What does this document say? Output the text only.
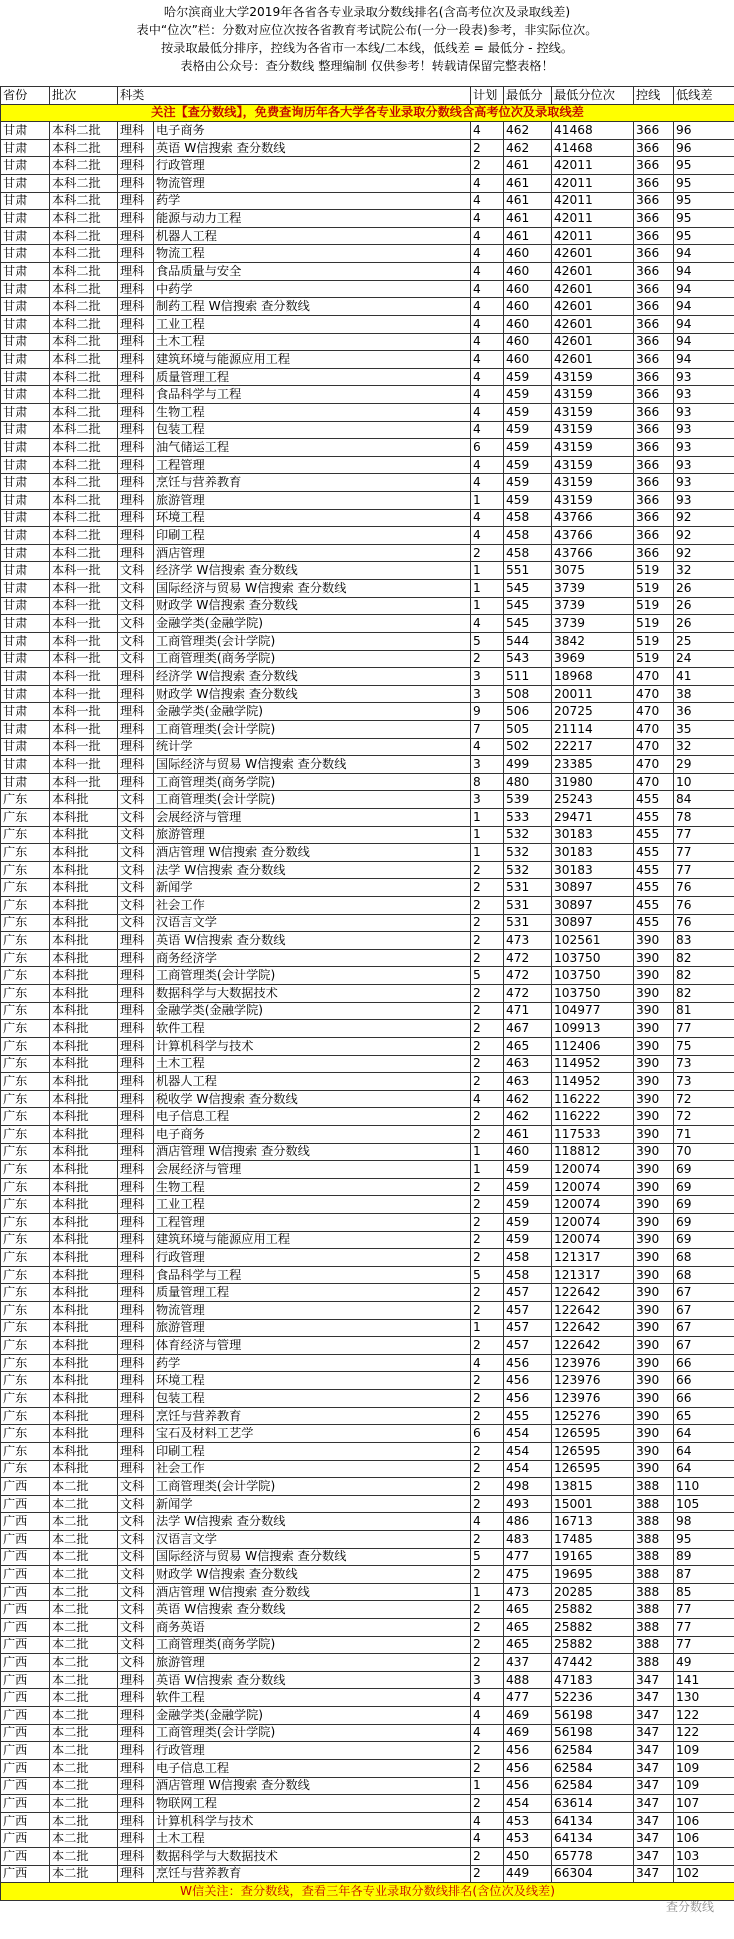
哈尔滨商业大学2019年各省各专业录取分数线排名(含高考位次及录取线差)
表中“位次”栏：分数对应位次按各省教育考试院公布(一分一段表)参考，非实际位次。
按录取最低分排序，控线为各省市一本线/二本线，低线差 = 最低分 - 控线。
表格由公众号：查分数线 整理编制 仅供参考！转载请保留完整表格！
省份	批次	科类		计划	最低分	最低分位次	控线	低线差
关注【查分数线】，免费查询历年各大学各专业录取分数线含高考位次及录取线差								
甘肃	本科二批	理科	电子商务	4	462	41468	366	96
甘肃	本科二批	理科	英语 W信搜索 查分数线	2	462	41468	366	96
甘肃	本科二批	理科	行政管理	2	461	42011	366	95
甘肃	本科二批	理科	物流管理	4	461	42011	366	95
甘肃	本科二批	理科	药学	4	461	42011	366	95
甘肃	本科二批	理科	能源与动力工程	4	461	42011	366	95
甘肃	本科二批	理科	机器人工程	4	461	42011	366	95
甘肃	本科二批	理科	物流工程	4	460	42601	366	94
甘肃	本科二批	理科	食品质量与安全	4	460	42601	366	94
甘肃	本科二批	理科	中药学	4	460	42601	366	94
甘肃	本科二批	理科	制药工程 W信搜索 查分数线	4	460	42601	366	94
甘肃	本科二批	理科	工业工程	4	460	42601	366	94
甘肃	本科二批	理科	土木工程	4	460	42601	366	94
甘肃	本科二批	理科	建筑环境与能源应用工程	4	460	42601	366	94
甘肃	本科二批	理科	质量管理工程	4	459	43159	366	93
甘肃	本科二批	理科	食品科学与工程	4	459	43159	366	93
甘肃	本科二批	理科	生物工程	4	459	43159	366	93
甘肃	本科二批	理科	包装工程	4	459	43159	366	93
甘肃	本科二批	理科	油气储运工程	6	459	43159	366	93
甘肃	本科二批	理科	工程管理	4	459	43159	366	93
甘肃	本科二批	理科	烹饪与营养教育	4	459	43159	366	93
甘肃	本科二批	理科	旅游管理	1	459	43159	366	93
甘肃	本科二批	理科	环境工程	4	458	43766	366	92
甘肃	本科二批	理科	印刷工程	4	458	43766	366	92
甘肃	本科二批	理科	酒店管理	2	458	43766	366	92
甘肃	本科一批	文科	经济学 W信搜索 查分数线	1	551	3075	519	32
甘肃	本科一批	文科	国际经济与贸易 W信搜索 查分数线	1	545	3739	519	26
甘肃	本科一批	文科	财政学 W信搜索 查分数线	1	545	3739	519	26
甘肃	本科一批	文科	金融学类(金融学院)	4	545	3739	519	26
甘肃	本科一批	文科	工商管理类(会计学院)	5	544	3842	519	25
甘肃	本科一批	文科	工商管理类(商务学院)	2	543	3969	519	24
甘肃	本科一批	理科	经济学 W信搜索 查分数线	3	511	18968	470	41
甘肃	本科一批	理科	财政学 W信搜索 查分数线	3	508	20011	470	38
甘肃	本科一批	理科	金融学类(金融学院)	9	506	20725	470	36
甘肃	本科一批	理科	工商管理类(会计学院)	7	505	21114	470	35
甘肃	本科一批	理科	统计学	4	502	22217	470	32
甘肃	本科一批	理科	国际经济与贸易 W信搜索 查分数线	3	499	23385	470	29
甘肃	本科一批	理科	工商管理类(商务学院)	8	480	31980	470	10
广东	本科批	文科	工商管理类(会计学院)	3	539	25243	455	84
广东	本科批	文科	会展经济与管理	1	533	29471	455	78
广东	本科批	文科	旅游管理	1	532	30183	455	77
广东	本科批	文科	酒店管理 W信搜索 查分数线	1	532	30183	455	77
广东	本科批	文科	法学 W信搜索 查分数线	2	532	30183	455	77
广东	本科批	文科	新闻学	2	531	30897	455	76
广东	本科批	文科	社会工作	2	531	30897	455	76
广东	本科批	文科	汉语言文学	2	531	30897	455	76
广东	本科批	理科	英语 W信搜索 查分数线	2	473	102561	390	83
广东	本科批	理科	商务经济学	2	472	103750	390	82
广东	本科批	理科	工商管理类(会计学院)	5	472	103750	390	82
广东	本科批	理科	数据科学与大数据技术	2	472	103750	390	82
广东	本科批	理科	金融学类(金融学院)	2	471	104977	390	81
广东	本科批	理科	软件工程	2	467	109913	390	77
广东	本科批	理科	计算机科学与技术	2	465	112406	390	75
广东	本科批	理科	土木工程	2	463	114952	390	73
广东	本科批	理科	机器人工程	2	463	114952	390	73
广东	本科批	理科	税收学 W信搜索 查分数线	4	462	116222	390	72
广东	本科批	理科	电子信息工程	2	462	116222	390	72
广东	本科批	理科	电子商务	2	461	117533	390	71
广东	本科批	理科	酒店管理 W信搜索 查分数线	1	460	118812	390	70
广东	本科批	理科	会展经济与管理	1	459	120074	390	69
广东	本科批	理科	生物工程	2	459	120074	390	69
广东	本科批	理科	工业工程	2	459	120074	390	69
广东	本科批	理科	工程管理	2	459	120074	390	69
广东	本科批	理科	建筑环境与能源应用工程	2	459	120074	390	69
广东	本科批	理科	行政管理	2	458	121317	390	68
广东	本科批	理科	食品科学与工程	5	458	121317	390	68
广东	本科批	理科	质量管理工程	2	457	122642	390	67
广东	本科批	理科	物流管理	2	457	122642	390	67
广东	本科批	理科	旅游管理	1	457	122642	390	67
广东	本科批	理科	体育经济与管理	2	457	122642	390	67
广东	本科批	理科	药学	4	456	123976	390	66
广东	本科批	理科	环境工程	2	456	123976	390	66
广东	本科批	理科	包装工程	2	456	123976	390	66
广东	本科批	理科	烹饪与营养教育	2	455	125276	390	65
广东	本科批	理科	宝石及材料工艺学	6	454	126595	390	64
广东	本科批	理科	印刷工程	2	454	126595	390	64
广东	本科批	理科	社会工作	2	454	126595	390	64
广西	本二批	文科	工商管理类(会计学院)	2	498	13815	388	110
广西	本二批	文科	新闻学	2	493	15001	388	105
广西	本二批	文科	法学 W信搜索 查分数线	4	486	16713	388	98
广西	本二批	文科	汉语言文学	2	483	17485	388	95
广西	本二批	文科	国际经济与贸易 W信搜索 查分数线	5	477	19165	388	89
广西	本二批	文科	财政学 W信搜索 查分数线	2	475	19695	388	87
广西	本二批	文科	酒店管理 W信搜索 查分数线	1	473	20285	388	85
广西	本二批	文科	英语 W信搜索 查分数线	2	465	25882	388	77
广西	本二批	文科	商务英语	2	465	25882	388	77
广西	本二批	文科	工商管理类(商务学院)	2	465	25882	388	77
广西	本二批	文科	旅游管理	2	437	47442	388	49
广西	本二批	理科	英语 W信搜索 查分数线	3	488	47183	347	141
广西	本二批	理科	软件工程	4	477	52236	347	130
广西	本二批	理科	金融学类(金融学院)	4	469	56198	347	122
广西	本二批	理科	工商管理类(会计学院)	4	469	56198	347	122
广西	本二批	理科	行政管理	2	456	62584	347	109
广西	本二批	理科	电子信息工程	2	456	62584	347	109
广西	本二批	理科	酒店管理 W信搜索 查分数线	1	456	62584	347	109
广西	本二批	理科	物联网工程	2	454	63614	347	107
广西	本二批	理科	计算机科学与技术	4	453	64134	347	106
广西	本二批	理科	土木工程	4	453	64134	347	106
广西	本二批	理科	数据科学与大数据技术	2	450	65778	347	103
广西	本二批	理科	烹饪与营养教育	2	449	66304	347	102
W信关注：查分数线，查看三年各专业录取分数线排名(含位次及线差)								
查分数线
